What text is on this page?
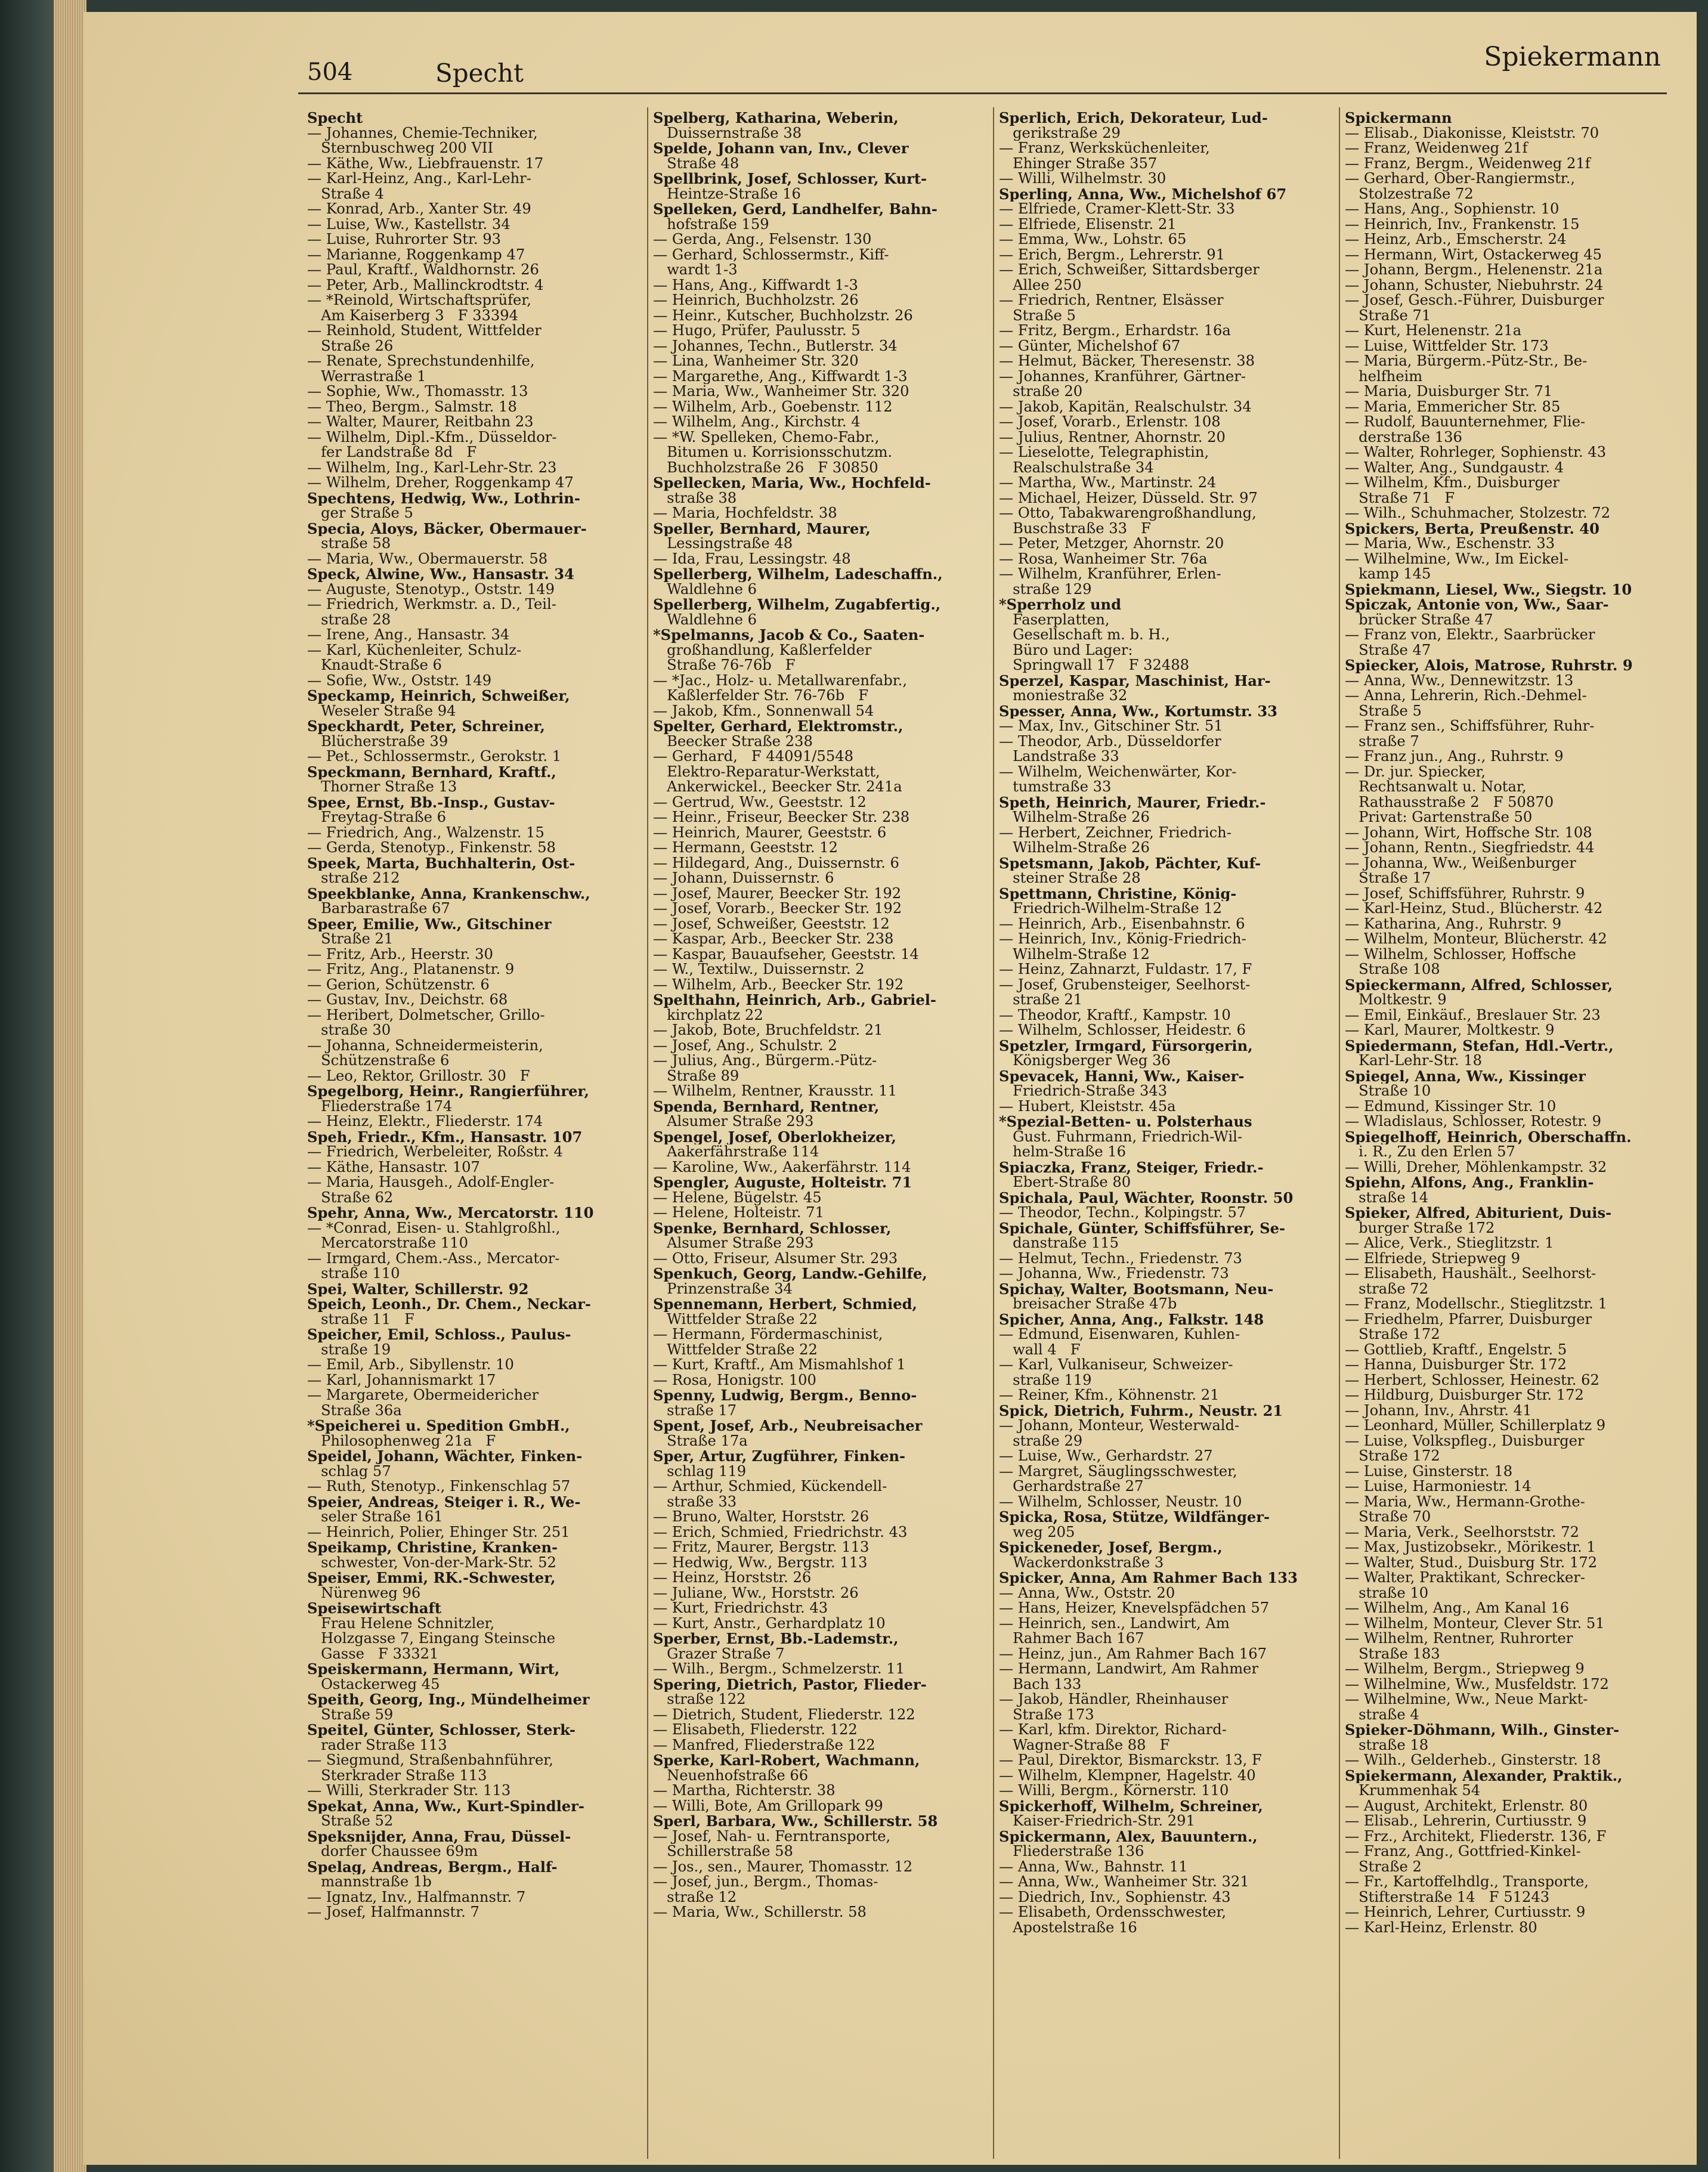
504	Specht
Spiekermann
Specht
— Johannes, Chemie-Techniker,
Sternbuschweg 200 VII
— Käthe, Ww., Liebfrauenstr. 17
— Karl-Heinz, Ang., Karl-Lehr-
Straße 4
— Konrad, Arb., Xanter Str. 49
— Luise, Ww., Kastellstr. 34
— Luise, Ruhrorter Str. 93
— Marianne, Roggenkamp 47
— Paul, Kraftf., Waldhornstr. 26
— Peter, Arb., Mallinckrodtstr. 4
— *Reinold, Wirtschaftsprüfer,
Am Kaiserberg 3   F 33394
— Reinhold, Student, Wittfelder
Straße 26
— Renate, Sprechstundenhilfe,
Werrastraße 1
— Sophie, Ww., Thomasstr. 13
— Theo, Bergm., Salmstr. 18
— Walter, Maurer, Reitbahn 23
— Wilhelm, Dipl.-Kfm., Düsseldor-
fer Landstraße 8d   F
— Wilhelm, Ing., Karl-Lehr-Str. 23
— Wilhelm, Dreher, Roggenkamp 47
Spechtens, Hedwig, Ww., Lothrin-
ger Straße 5
Specia, Aloys, Bäcker, Obermauer-
straße 58
— Maria, Ww., Obermauerstr. 58
Speck, Alwine, Ww., Hansastr. 34
— Auguste, Stenotyp., Oststr. 149
— Friedrich, Werkmstr. a. D., Teil-
straße 28
— Irene, Ang., Hansastr. 34
— Karl, Küchenleiter, Schulz-
Knaudt-Straße 6
— Sofie, Ww., Oststr. 149
Speckamp, Heinrich, Schweißer,
Weseler Straße 94
Speckhardt, Peter, Schreiner,
Blücherstraße 39
— Pet., Schlossermstr., Gerokstr. 1
Speckmann, Bernhard, Kraftf.,
Thorner Straße 13
Spee, Ernst, Bb.-Insp., Gustav-
Freytag-Straße 6
— Friedrich, Ang., Walzenstr. 15
— Gerda, Stenotyp., Finkenstr. 58
Speek, Marta, Buchhalterin, Ost-
straße 212
Speekblanke, Anna, Krankenschw.,
Barbarastraße 67
Speer, Emilie, Ww., Gitschiner
Straße 21
— Fritz, Arb., Heerstr. 30
— Fritz, Ang., Platanenstr. 9
— Gerion, Schützenstr. 6
— Gustav, Inv., Deichstr. 68
— Heribert, Dolmetscher, Grillo-
straße 30
— Johanna, Schneidermeisterin,
Schützenstraße 6
— Leo, Rektor, Grillostr. 30   F
Spegelborg, Heinr., Rangierführer,
Fliederstraße 174
— Heinz, Elektr., Fliederstr. 174
Speh, Friedr., Kfm., Hansastr. 107
— Friedrich, Werbeleiter, Roßstr. 4
— Käthe, Hansastr. 107
— Maria, Hausgeh., Adolf-Engler-
Straße 62
Spehr, Anna, Ww., Mercatorstr. 110
— *Conrad, Eisen- u. Stahlgroßhl.,
Mercatorstraße 110
— Irmgard, Chem.-Ass., Mercator-
straße 110
Spei, Walter, Schillerstr. 92
Speich, Leonh., Dr. Chem., Neckar-
straße 11   F
Speicher, Emil, Schloss., Paulus-
straße 19
— Emil, Arb., Sibyllenstr. 10
— Karl, Johannismarkt 17
— Margarete, Obermeidericher
Straße 36a
*Speicherei u. Spedition GmbH.,
Philosophenweg 21a   F
Speidel, Johann, Wächter, Finken-
schlag 57
— Ruth, Stenotyp., Finkenschlag 57
Speier, Andreas, Steiger i. R., We-
seler Straße 161
— Heinrich, Polier, Ehinger Str. 251
Speikamp, Christine, Kranken-
schwester, Von-der-Mark-Str. 52
Speiser, Emmi, RK.-Schwester,
Nürenweg 96
Speisewirtschaft
Frau Helene Schnitzler,
Holzgasse 7, Eingang Steinsche
Gasse   F 33321
Speiskermann, Hermann, Wirt,
Ostackerweg 45
Speith, Georg, Ing., Mündelheimer
Straße 59
Speitel, Günter, Schlosser, Sterk-
rader Straße 113
— Siegmund, Straßenbahnführer,
Sterkrader Straße 113
— Willi, Sterkrader Str. 113
Spekat, Anna, Ww., Kurt-Spindler-
Straße 52
Speksnijder, Anna, Frau, Düssel-
dorfer Chaussee 69m
Spelag, Andreas, Bergm., Half-
mannstraße 1b
— Ignatz, Inv., Halfmannstr. 7
— Josef, Halfmannstr. 7
Spelberg, Katharina, Weberin,
Duissernstraße 38
Spelde, Johann van, Inv., Clever
Straße 48
Spellbrink, Josef, Schlosser, Kurt-
Heintze-Straße 16
Spelleken, Gerd, Landhelfer, Bahn-
hofstraße 159
— Gerda, Ang., Felsenstr. 130
— Gerhard, Schlossermstr., Kiff-
wardt 1-3
— Hans, Ang., Kiffwardt 1-3
— Heinrich, Buchholzstr. 26
— Heinr., Kutscher, Buchholzstr. 26
— Hugo, Prüfer, Paulusstr. 5
— Johannes, Techn., Butlerstr. 34
— Lina, Wanheimer Str. 320
— Margarethe, Ang., Kiffwardt 1-3
— Maria, Ww., Wanheimer Str. 320
— Wilhelm, Arb., Goebenstr. 112
— Wilhelm, Ang., Kirchstr. 4
— *W. Spelleken, Chemo-Fabr.,
Bitumen u. Korrisionsschutzm.
Buchholzstraße 26   F 30850
Spellecken, Maria, Ww., Hochfeld-
straße 38
— Maria, Hochfeldstr. 38
Speller, Bernhard, Maurer,
Lessingstraße 48
— Ida, Frau, Lessingstr. 48
Spellerberg, Wilhelm, Ladeschaffn.,
Waldlehne 6
Spellerberg, Wilhelm, Zugabfertig.,
Waldlehne 6
*Spelmanns, Jacob & Co., Saaten-
großhandlung, Kaßlerfelder
Straße 76-76b   F
— *Jac., Holz- u. Metallwarenfabr.,
Kaßlerfelder Str. 76-76b   F
— Jakob, Kfm., Sonnenwall 54
Spelter, Gerhard, Elektromstr.,
Beecker Straße 238
— Gerhard,   F 44091/5548
Elektro-Reparatur-Werkstatt,
Ankerwickel., Beecker Str. 241a
— Gertrud, Ww., Geeststr. 12
— Heinr., Friseur, Beecker Str. 238
— Heinrich, Maurer, Geeststr. 6
— Hermann, Geeststr. 12
— Hildegard, Ang., Duissernstr. 6
— Johann, Duissernstr. 6
— Josef, Maurer, Beecker Str. 192
— Josef, Vorarb., Beecker Str. 192
— Josef, Schweißer, Geeststr. 12
— Kaspar, Arb., Beecker Str. 238
— Kaspar, Bauaufseher, Geeststr. 14
— W., Textilw., Duissernstr. 2
— Wilhelm, Arb., Beecker Str. 192
Spelthahn, Heinrich, Arb., Gabriel-
kirchplatz 22
— Jakob, Bote, Bruchfeldstr. 21
— Josef, Ang., Schulstr. 2
— Julius, Ang., Bürgerm.-Pütz-
Straße 89
— Wilhelm, Rentner, Krausstr. 11
Spenda, Bernhard, Rentner,
Alsumer Straße 293
Spengel, Josef, Oberlokheizer,
Aakerfährstraße 114
— Karoline, Ww., Aakerfährstr. 114
Spengler, Auguste, Holteistr. 71
— Helene, Bügelstr. 45
— Helene, Holteistr. 71
Spenke, Bernhard, Schlosser,
Alsumer Straße 293
— Otto, Friseur, Alsumer Str. 293
Spenkuch, Georg, Landw.-Gehilfe,
Prinzenstraße 34
Spennemann, Herbert, Schmied,
Wittfelder Straße 22
— Hermann, Fördermaschinist,
Wittfelder Straße 22
— Kurt, Kraftf., Am Mismahlshof 1
— Rosa, Honigstr. 100
Spenny, Ludwig, Bergm., Benno-
straße 17
Spent, Josef, Arb., Neubreisacher
Straße 17a
Sper, Artur, Zugführer, Finken-
schlag 119
— Arthur, Schmied, Kückendell-
straße 33
— Bruno, Walter, Horststr. 26
— Erich, Schmied, Friedrichstr. 43
— Fritz, Maurer, Bergstr. 113
— Hedwig, Ww., Bergstr. 113
— Heinz, Horststr. 26
— Juliane, Ww., Horststr. 26
— Kurt, Friedrichstr. 43
— Kurt, Anstr., Gerhardplatz 10
Sperber, Ernst, Bb.-Lademstr.,
Grazer Straße 7
— Wilh., Bergm., Schmelzerstr. 11
Spering, Dietrich, Pastor, Flieder-
straße 122
— Dietrich, Student, Fliederstr. 122
— Elisabeth, Fliederstr. 122
— Manfred, Fliederstraße 122
Sperke, Karl-Robert, Wachmann,
Neuenhofstraße 66
— Martha, Richterstr. 38
— Willi, Bote, Am Grillopark 99
Sperl, Barbara, Ww., Schillerstr. 58
— Josef, Nah- u. Ferntransporte,
Schillerstraße 58
— Jos., sen., Maurer, Thomasstr. 12
— Josef, jun., Bergm., Thomas-
straße 12
— Maria, Ww., Schillerstr. 58
Sperlich, Erich, Dekorateur, Lud-
gerikstraße 29
— Franz, Werksküchenleiter,
Ehinger Straße 357
— Willi, Wilhelmstr. 30
Sperling, Anna, Ww., Michelshof 67
— Elfriede, Cramer-Klett-Str. 33
— Elfriede, Elisenstr. 21
— Emma, Ww., Lohstr. 65
— Erich, Bergm., Lehrerstr. 91
— Erich, Schweißer, Sittardsberger
Allee 250
— Friedrich, Rentner, Elsässer
Straße 5
— Fritz, Bergm., Erhardstr. 16a
— Günter, Michelshof 67
— Helmut, Bäcker, Theresenstr. 38
— Johannes, Kranführer, Gärtner-
straße 20
— Jakob, Kapitän, Realschulstr. 34
— Josef, Vorarb., Erlenstr. 108
— Julius, Rentner, Ahornstr. 20
— Lieselotte, Telegraphistin,
Realschulstraße 34
— Martha, Ww., Martinstr. 24
— Michael, Heizer, Düsseld. Str. 97
— Otto, Tabakwarengroßhandlung,
Buschstraße 33   F
— Peter, Metzger, Ahornstr. 20
— Rosa, Wanheimer Str. 76a
— Wilhelm, Kranführer, Erlen-
straße 129
*Sperrholz und
Faserplatten,
Gesellschaft m. b. H.,
Büro und Lager:
Springwall 17   F 32488
Sperzel, Kaspar, Maschinist, Har-
moniestraße 32
Spesser, Anna, Ww., Kortumstr. 33
— Max, Inv., Gitschiner Str. 51
— Theodor, Arb., Düsseldorfer
Landstraße 33
— Wilhelm, Weichenwärter, Kor-
tumstraße 33
Speth, Heinrich, Maurer, Friedr.-
Wilhelm-Straße 26
— Herbert, Zeichner, Friedrich-
Wilhelm-Straße 26
Spetsmann, Jakob, Pächter, Kuf-
steiner Straße 28
Spettmann, Christine, König-
Friedrich-Wilhelm-Straße 12
— Heinrich, Arb., Eisenbahnstr. 6
— Heinrich, Inv., König-Friedrich-
Wilhelm-Straße 12
— Heinz, Zahnarzt, Fuldastr. 17, F
— Josef, Grubensteiger, Seelhorst-
straße 21
— Theodor, Kraftf., Kampstr. 10
— Wilhelm, Schlosser, Heidestr. 6
Spetzler, Irmgard, Fürsorgerin,
Königsberger Weg 36
Spevacek, Hanni, Ww., Kaiser-
Friedrich-Straße 343
— Hubert, Kleiststr. 45a
*Spezial-Betten- u. Polsterhaus
Gust. Fuhrmann, Friedrich-Wil-
helm-Straße 16
Spiaczka, Franz, Steiger, Friedr.-
Ebert-Straße 80
Spichala, Paul, Wächter, Roonstr. 50
— Theodor, Techn., Kolpingstr. 57
Spichale, Günter, Schiffsführer, Se-
danstraße 115
— Helmut, Techn., Friedenstr. 73
— Johanna, Ww., Friedenstr. 73
Spichay, Walter, Bootsmann, Neu-
breisacher Straße 47b
Spicher, Anna, Ang., Falkstr. 148
— Edmund, Eisenwaren, Kuhlen-
wall 4   F
— Karl, Vulkaniseur, Schweizer-
straße 119
— Reiner, Kfm., Köhnenstr. 21
Spick, Dietrich, Fuhrm., Neustr. 21
— Johann, Monteur, Westerwald-
straße 29
— Luise, Ww., Gerhardstr. 27
— Margret, Säuglingsschwester,
Gerhardstraße 27
— Wilhelm, Schlosser, Neustr. 10
Spicka, Rosa, Stütze, Wildfänger-
weg 205
Spickeneder, Josef, Bergm.,
Wackerdonkstraße 3
Spicker, Anna, Am Rahmer Bach 133
— Anna, Ww., Oststr. 20
— Hans, Heizer, Knevelspfädchen 57
— Heinrich, sen., Landwirt, Am
Rahmer Bach 167
— Heinz, jun., Am Rahmer Bach 167
— Hermann, Landwirt, Am Rahmer
Bach 133
— Jakob, Händler, Rheinhauser
Straße 173
— Karl, kfm. Direktor, Richard-
Wagner-Straße 88   F
— Paul, Direktor, Bismarckstr. 13, F
— Wilhelm, Klempner, Hagelstr. 40
— Willi, Bergm., Körnerstr. 110
Spickerhoff, Wilhelm, Schreiner,
Kaiser-Friedrich-Str. 291
Spickermann, Alex, Bauuntern.,
Fliederstraße 136
— Anna, Ww., Bahnstr. 11
— Anna, Ww., Wanheimer Str. 321
— Diedrich, Inv., Sophienstr. 43
— Elisabeth, Ordensschwester,
Apostelstraße 16
Spickermann
— Elisab., Diakonisse, Kleiststr. 70
— Franz, Weidenweg 21f
— Franz, Bergm., Weidenweg 21f
— Gerhard, Ober-Rangiermstr.,
Stolzestraße 72
— Hans, Ang., Sophienstr. 10
— Heinrich, Inv., Frankenstr. 15
— Heinz, Arb., Emscherstr. 24
— Hermann, Wirt, Ostackerweg 45
— Johann, Bergm., Helenenstr. 21a
— Johann, Schuster, Niebuhrstr. 24
— Josef, Gesch.-Führer, Duisburger
Straße 71
— Kurt, Helenenstr. 21a
— Luise, Wittfelder Str. 173
— Maria, Bürgerm.-Pütz-Str., Be-
helfheim
— Maria, Duisburger Str. 71
— Maria, Emmericher Str. 85
— Rudolf, Bauunternehmer, Flie-
derstraße 136
— Walter, Rohrleger, Sophienstr. 43
— Walter, Ang., Sundgaustr. 4
— Wilhelm, Kfm., Duisburger
Straße 71   F
— Wilh., Schuhmacher, Stolzestr. 72
Spickers, Berta, Preußenstr. 40
— Maria, Ww., Eschenstr. 33
— Wilhelmine, Ww., Im Eickel-
kamp 145
Spiekmann, Liesel, Ww., Siegstr. 10
Spiczak, Antonie von, Ww., Saar-
brücker Straße 47
— Franz von, Elektr., Saarbrücker
Straße 47
Spiecker, Alois, Matrose, Ruhrstr. 9
— Anna, Ww., Dennewitzstr. 13
— Anna, Lehrerin, Rich.-Dehmel-
Straße 5
— Franz sen., Schiffsführer, Ruhr-
straße 7
— Franz jun., Ang., Ruhrstr. 9
— Dr. jur. Spiecker,
Rechtsanwalt u. Notar,
Rathausstraße 2   F 50870
Privat: Gartenstraße 50
— Johann, Wirt, Hoffsche Str. 108
— Johann, Rentn., Siegfriedstr. 44
— Johanna, Ww., Weißenburger
Straße 17
— Josef, Schiffsführer, Ruhrstr. 9
— Karl-Heinz, Stud., Blücherstr. 42
— Katharina, Ang., Ruhrstr. 9
— Wilhelm, Monteur, Blücherstr. 42
— Wilhelm, Schlosser, Hoffsche
Straße 108
Spieckermann, Alfred, Schlosser,
Moltkestr. 9
— Emil, Einkäuf., Breslauer Str. 23
— Karl, Maurer, Moltkestr. 9
Spiedermann, Stefan, Hdl.-Vertr.,
Karl-Lehr-Str. 18
Spiegel, Anna, Ww., Kissinger
Straße 10
— Edmund, Kissinger Str. 10
— Wladislaus, Schlosser, Rotestr. 9
Spiegelhoff, Heinrich, Oberschaffn.
i. R., Zu den Erlen 57
— Willi, Dreher, Möhlenkampstr. 32
Spiehn, Alfons, Ang., Franklin-
straße 14
Spieker, Alfred, Abiturient, Duis-
burger Straße 172
— Alice, Verk., Stieglitzstr. 1
— Elfriede, Striepweg 9
— Elisabeth, Haushält., Seelhorst-
straße 72
— Franz, Modellschr., Stieglitzstr. 1
— Friedhelm, Pfarrer, Duisburger
Straße 172
— Gottlieb, Kraftf., Engelstr. 5
— Hanna, Duisburger Str. 172
— Herbert, Schlosser, Heinestr. 62
— Hildburg, Duisburger Str. 172
— Johann, Inv., Ahrstr. 41
— Leonhard, Müller, Schillerplatz 9
— Luise, Volkspfleg., Duisburger
Straße 172
— Luise, Ginsterstr. 18
— Luise, Harmoniestr. 14
— Maria, Ww., Hermann-Grothe-
Straße 70
— Maria, Verk., Seelhorststr. 72
— Max, Justizobsekr., Mörikestr. 1
— Walter, Stud., Duisburg Str. 172
— Walter, Praktikant, Schrecker-
straße 10
— Wilhelm, Ang., Am Kanal 16
— Wilhelm, Monteur, Clever Str. 51
— Wilhelm, Rentner, Ruhrorter
Straße 183
— Wilhelm, Bergm., Striepweg 9
— Wilhelmine, Ww., Musfeldstr. 172
— Wilhelmine, Ww., Neue Markt-
straße 4
Spieker-Döhmann, Wilh., Ginster-
straße 18
— Wilh., Gelderheb., Ginsterstr. 18
Spiekermann, Alexander, Praktik.,
Krummenhak 54
— August, Architekt, Erlenstr. 80
— Elisab., Lehrerin, Curtiusstr. 9
— Frz., Architekt, Fliederstr. 136, F
— Franz, Ang., Gottfried-Kinkel-
Straße 2
— Fr., Kartoffelhdlg., Transporte,
Stifterstraße 14   F 51243
— Heinrich, Lehrer, Curtiusstr. 9
— Karl-Heinz, Erlenstr. 80
